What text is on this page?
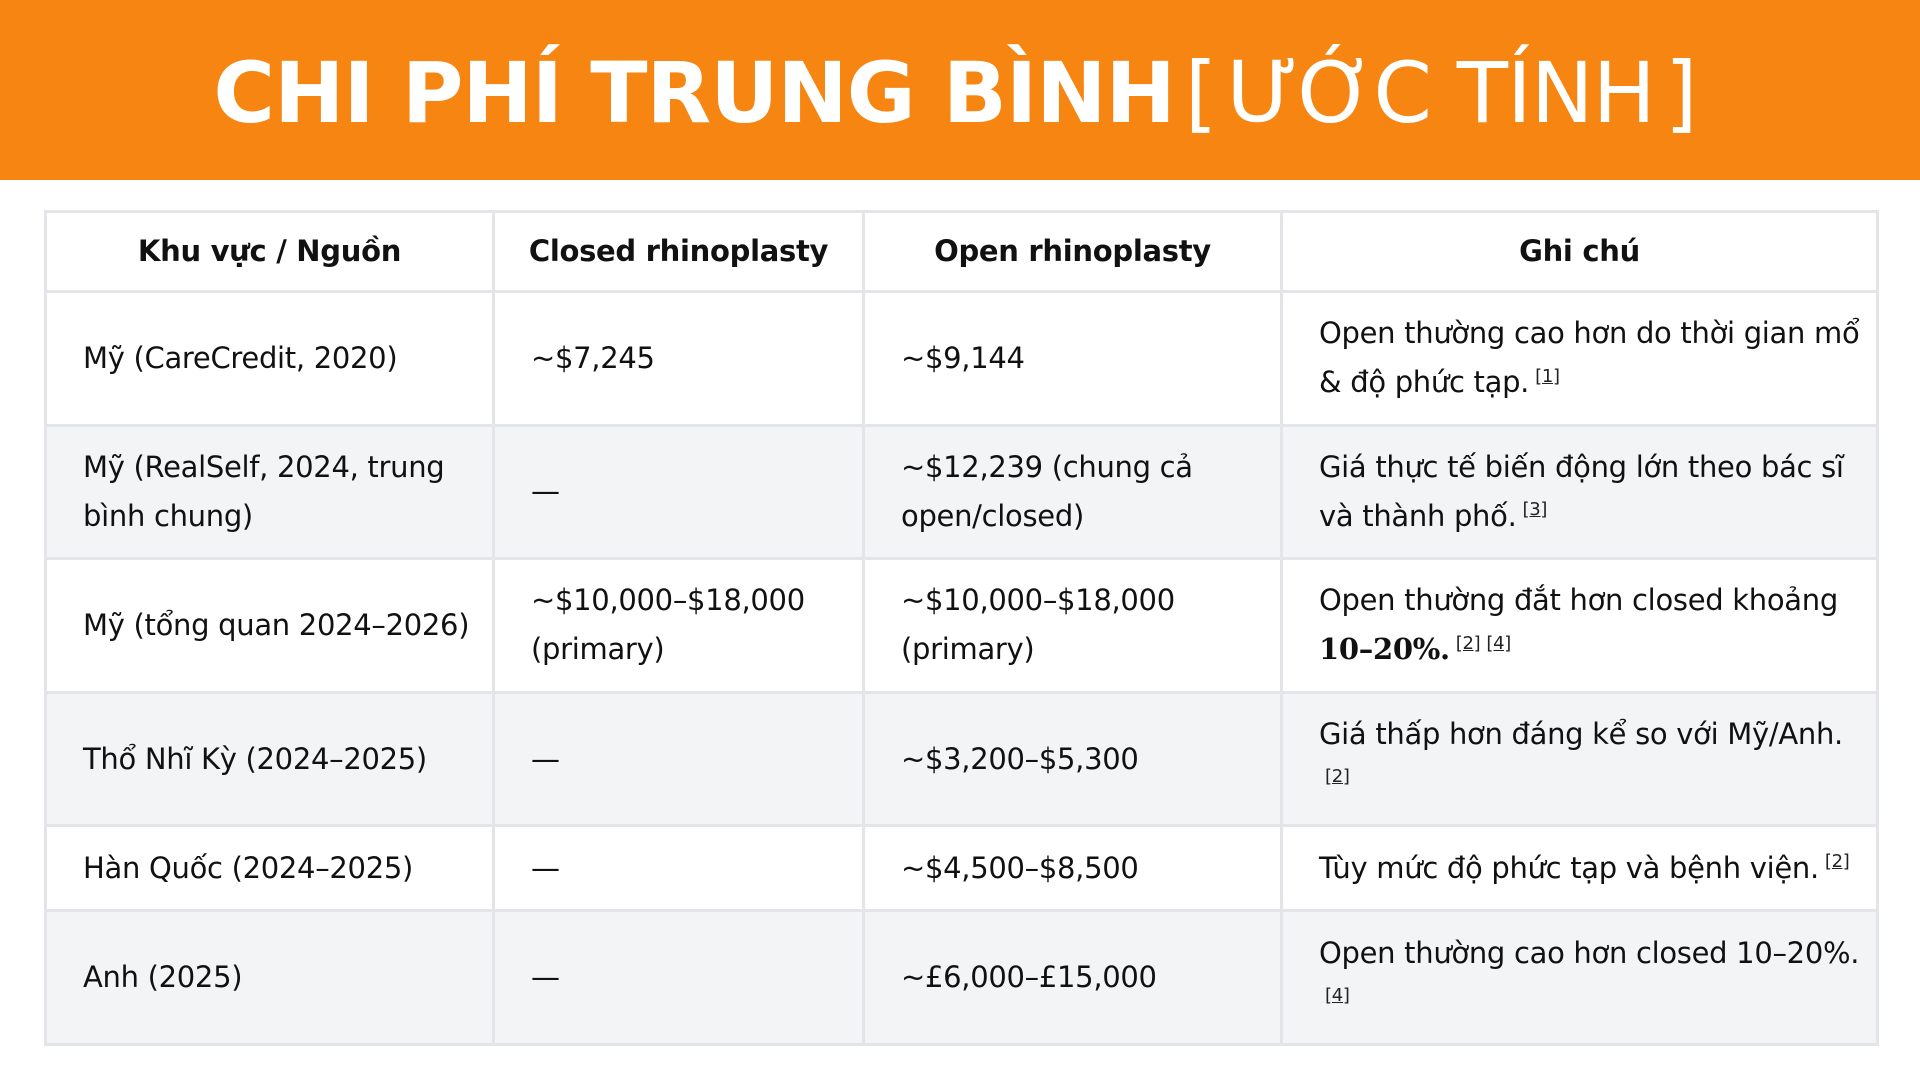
CHI PHÍ TRUNG BÌNH [ ƯỚC TÍNH ]
Khu vực / Nguồn	Closed rhinoplasty	Open rhinoplasty	Ghi chú
Mỹ (CareCredit, 2020)	~$7,245	~$9,144	Open thường cao hơn do thời gian mổ & độ phức tạp. [1]
Mỹ (RealSelf, 2024, trung bình chung)	—	~$12,239 (chung cả open/closed)	Giá thực tế biến động lớn theo bác sĩ và thành phố. [3]
Mỹ (tổng quan 2024–2026)	~$10,000–$18,000 (primary)	~$10,000–$18,000 (primary)	Open thường đắt hơn closed khoảng 10–20%. [2] [4]
Thổ Nhĩ Kỳ (2024–2025)	—	~$3,200–$5,300	Giá thấp hơn đáng kể so với Mỹ/Anh.[2]
Hàn Quốc (2024–2025)	—	~$4,500–$8,500	Tùy mức độ phức tạp và bệnh viện. [2]
Anh (2025)	—	~£6,000–£15,000	Open thường cao hơn closed 10–20%.[4]
